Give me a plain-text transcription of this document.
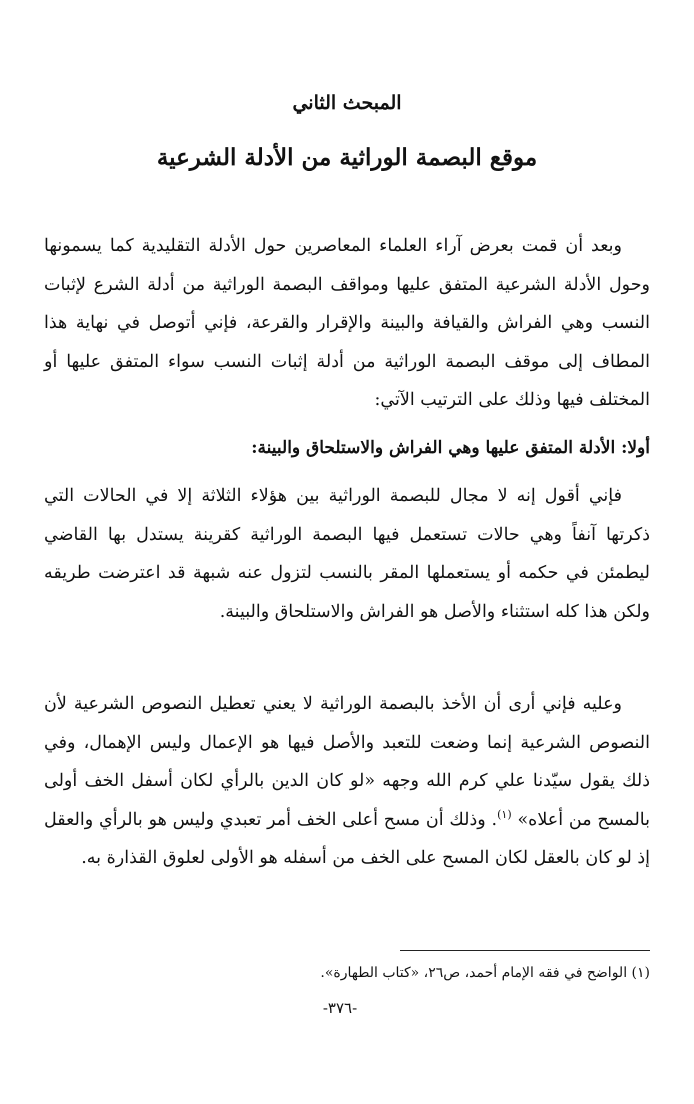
المبحث الثاني
موقع البصمة الوراثية من الأدلة الشرعية

وبعد أن قمت بعرض آراء العلماء المعاصرين حول الأدلة التقليدية كما يسمونها وحول الأدلة الشرعية المتفق عليها ومواقف البصمة الوراثية من أدلة الشرع لإثبات النسب وهي الفراش والقيافة والبينة والإقرار والقرعة، فإني أتوصل في نهاية هذا المطاف إلى موقف البصمة الوراثية من أدلة إثبات النسب سواء المتفق عليها أو المختلف فيها وذلك على الترتيب الآتي:

أولا: الأدلة المتفق عليها وهي الفراش والاستلحاق والبينة:

فإني أقول إنه لا مجال للبصمة الوراثية بين هؤلاء الثلاثة إلا في الحالات التي ذكرتها آنفاً وهي حالات تستعمل فيها البصمة الوراثية كقرينة يستدل بها القاضي ليطمئن في حكمه أو يستعملها المقر بالنسب لتزول عنه شبهة قد اعترضت طريقه ولكن هذا كله استثناء والأصل هو الفراش والاستلحاق والبينة.

وعليه فإني أرى أن الأخذ بالبصمة الوراثية لا يعني تعطيل النصوص الشرعية لأن النصوص الشرعية إنما وضعت للتعبد والأصل فيها هو الإعمال وليس الإهمال، وفي ذلك يقول سيّدنا علي كرم الله وجهه «لو كان الدين بالرأي لكان أسفل الخف أولى بالمسح من أعلاه» $^{(١)}$. وذلك أن مسح أعلى الخف أمر تعبدي وليس هو بالرأي والعقل إذ لو كان بالعقل لكان المسح على الخف من أسفله هو الأولى لعلوق القذارة به.

(١) الواضح في فقه الإمام أحمد، ص٢٦، «كتاب الطهارة».

-٣٧٦-
